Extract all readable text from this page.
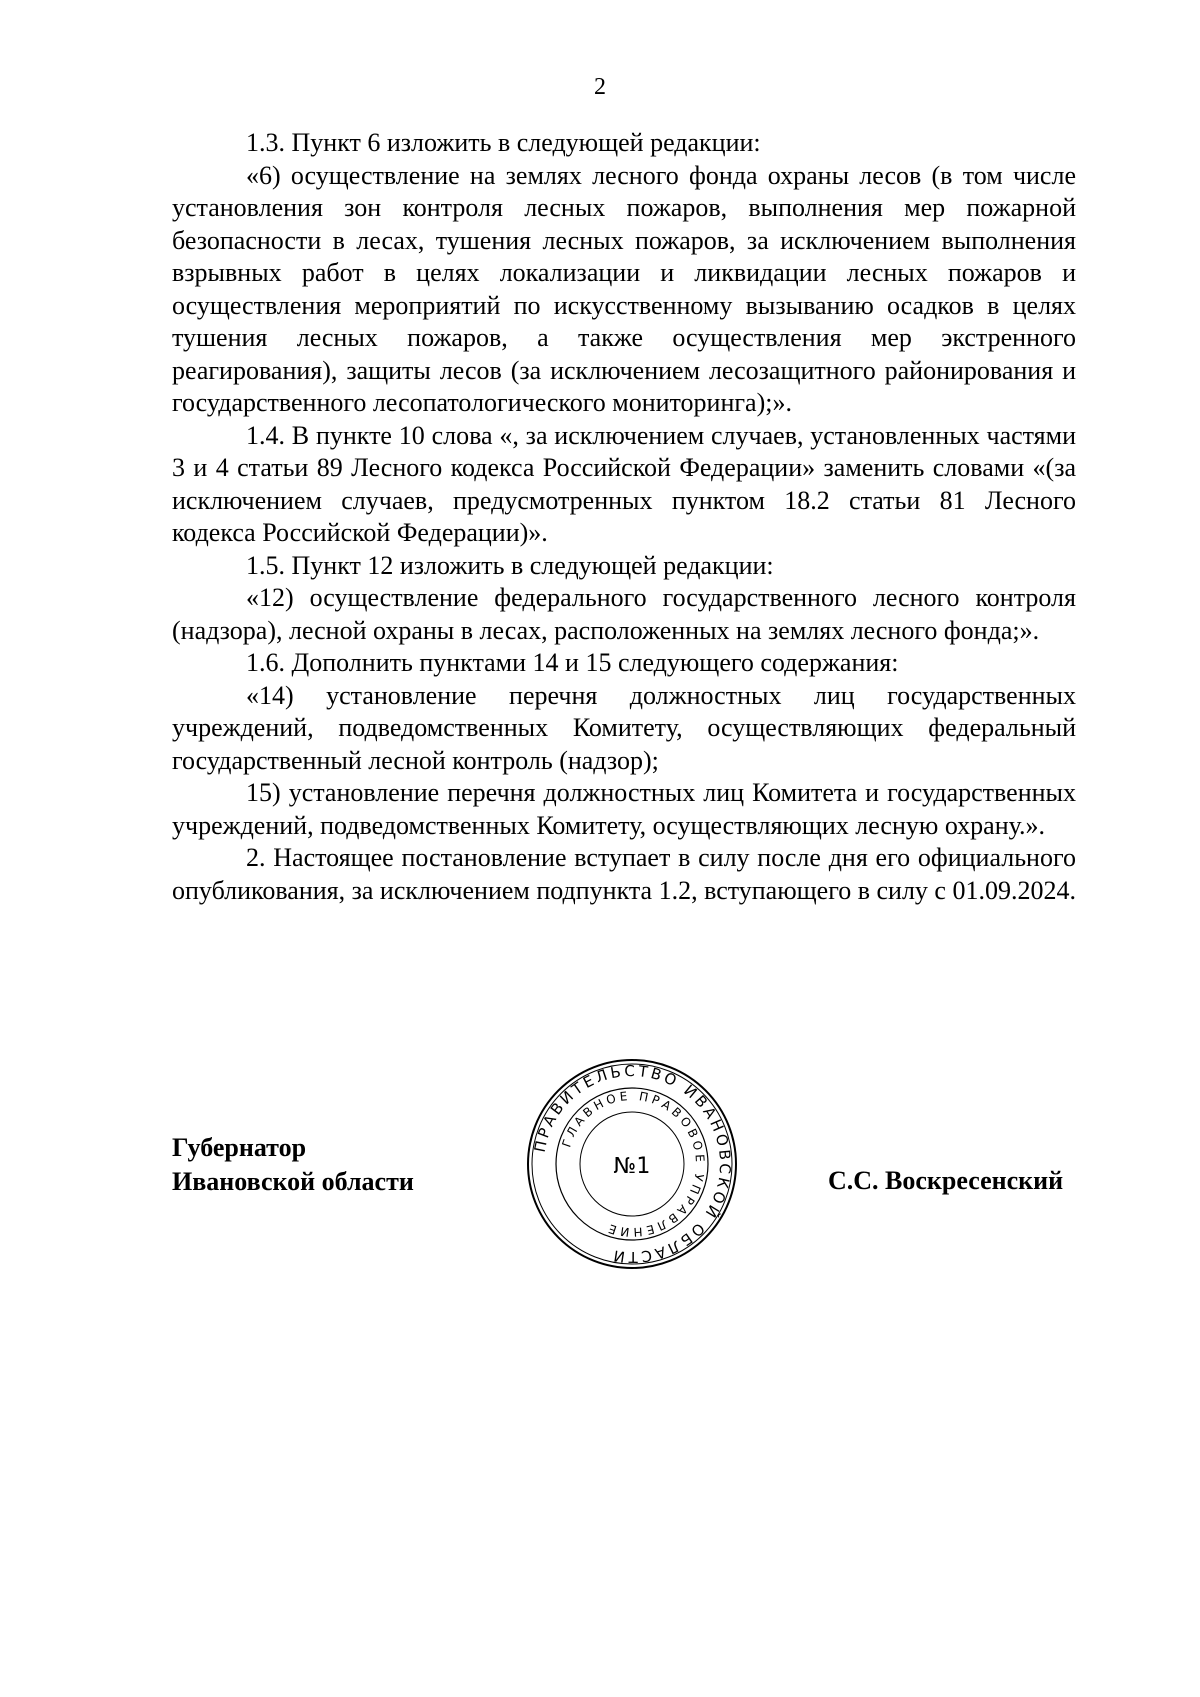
2

1.3. Пункт 6 изложить в следующей редакции:

«6) осуществление на землях лесного фонда охраны лесов (в том числе установления зон контроля лесных пожаров, выполнения мер пожарной безопасности в лесах, тушения лесных пожаров, за исключением выполнения взрывных работ в целях локализации и ликвидации лесных пожаров и осуществления мероприятий по искусственному вызыванию осадков в целях тушения лесных пожаров, а также осуществления мер экстренного реагирования), защиты лесов (за исключением лесозащитного районирования и государственного лесопатологического мониторинга);».

1.4. В пункте 10 слова «, за исключением случаев, установленных частями 3 и 4 статьи 89 Лесного кодекса Российской Федерации» заменить словами «(за исключением случаев, предусмотренных пунктом 18.2 статьи 81 Лесного кодекса Российской Федерации)».

1.5. Пункт 12 изложить в следующей редакции:

«12) осуществление федерального государственного лесного контроля (надзора), лесной охраны в лесах, расположенных на землях лесного фонда;».

1.6. Дополнить пунктами 14 и 15 следующего содержания:

«14) установление перечня должностных лиц государственных учреждений, подведомственных Комитету, осуществляющих федеральный государственный лесной контроль (надзор);

15) установление перечня должностных лиц Комитета и государственных учреждений, подведомственных Комитету, осуществляющих лесную охрану.».

2. Настоящее постановление вступает в силу после дня его официального опубликования, за исключением подпункта 1.2, вступающего в силу с 01.09.2024.

Губернатор
Ивановской области
ПРАВИТЕЛЬСТВО ИВАНОВСКОЙ ОБЛАСТИ
ГЛАВНОЕ ПРАВОВОЕ УПРАВЛЕНИЕ
№1	С.С. Воскресенский
